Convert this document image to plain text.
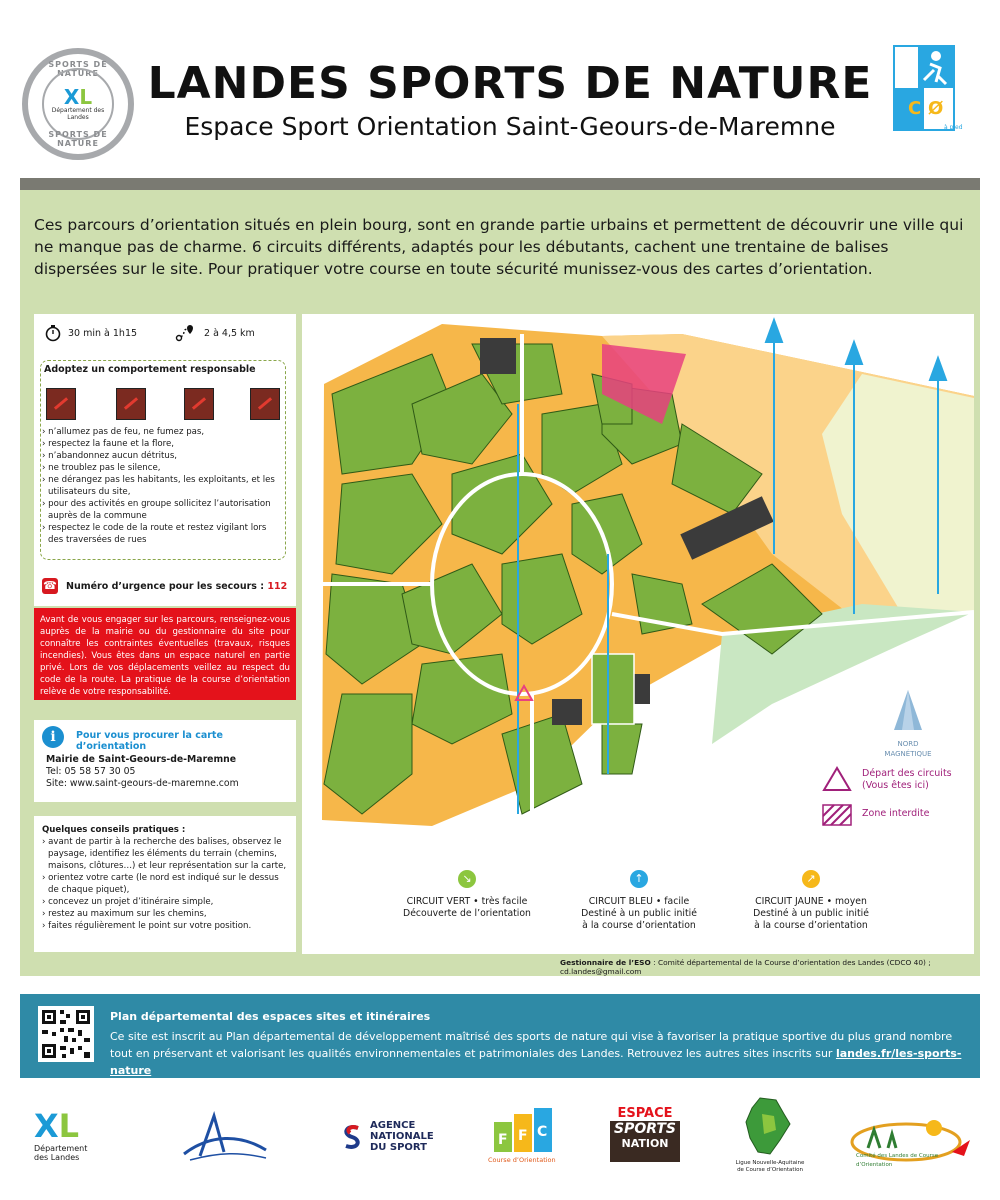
SPORTS DE NATURE
XL
Département des Landes
SPORTS DE NATURE
LANDES SPORTS DE NATURE
Espace Sport Orientation Saint-Geours-de-Maremne
C Ø
à pied
Ces parcours d’orientation situés en plein bourg, sont en grande partie urbains et permettent de découvrir une ville qui ne manque pas de charme. 6 circuits différents, adaptés pour les débutants, cachent une trentaine de balises dispersées sur le site. Pour pratiquer votre course en toute sécurité munissez-vous des cartes d’orientation.
30 min à 1h15	2 à 4,5 km
Adoptez un comportement responsable
› n’allumez pas de feu, ne fumez pas,
› respectez la faune et la flore,
› n’abandonnez aucun détritus,
› ne troublez pas le silence,
› ne dérangez pas les habitants, les exploitants, et les utilisateurs du site,
› pour des activités en groupe sollicitez l’autorisation auprès de la commune
› respectez le code de la route et restez vigilant lors des traversées de rues
☎ Numéro d’urgence pour les secours : 112
Avant de vous engager sur les parcours, renseignez-vous auprès de la mairie ou du gestionnaire du site pour connaître les contraintes éventuelles (travaux, risques incendies). Vous êtes dans un espace naturel en partie privé. Lors de vos déplacements veillez au respect du code de la route. La pratique de la course d’orientation relève de votre responsabilité.
i	Pour vous procurer la carte d’orientation
Mairie de Saint-Geours-de-Maremne
Tel: 05 58 57 30 05
Site: www.saint-geours-de-maremne.com
Quelques conseils pratiques :
› avant de partir à la recherche des balises, observez le paysage, identifiez les éléments du terrain (chemins, maisons, clôtures…) et leur représentation sur la carte,
› orientez votre carte (le nord est indiqué sur le dessus de chaque piquet),
› concevez un projet d’itinéraire simple,
› restez au maximum sur les chemins,
› faites régulièrement le point sur votre position.
NORD
MAGNÉTIQUE
Départ des circuits
(Vous êtes ici)
Zone interdite
↘
CIRCUIT VERT • très facile
Découverte de l’orientation
↑
CIRCUIT BLEU • facile
Destiné à un public initié
à la course d’orientation
↗
CIRCUIT JAUNE • moyen
Destiné à un public initié
à la course d’orientation
Gestionnaire de l’ESO : Comité départemental de la Course d’orientation des Landes (CDCO 40) ; cd.landes@gmail.com
Plan départemental des espaces sites et itinéraires
Ce site est inscrit au Plan départemental de développement maîtrisé des sports de nature qui vise à favoriser la pratique sportive du plus grand nombre tout en préservant et valorisant les qualités environnementales et patrimoniales des Landes. Retrouvez les autres sites inscrits sur landes.fr/les-sports-nature
XL
Département des Landes
AGENCE
NATIONALE
DU SPORT	F F C
Course d’Orientation
ESPACE
SPORTS
NATION
Ligue Nouvelle-Aquitaine de Course d’Orientation
Comité des Landes de Course d’Orientation
